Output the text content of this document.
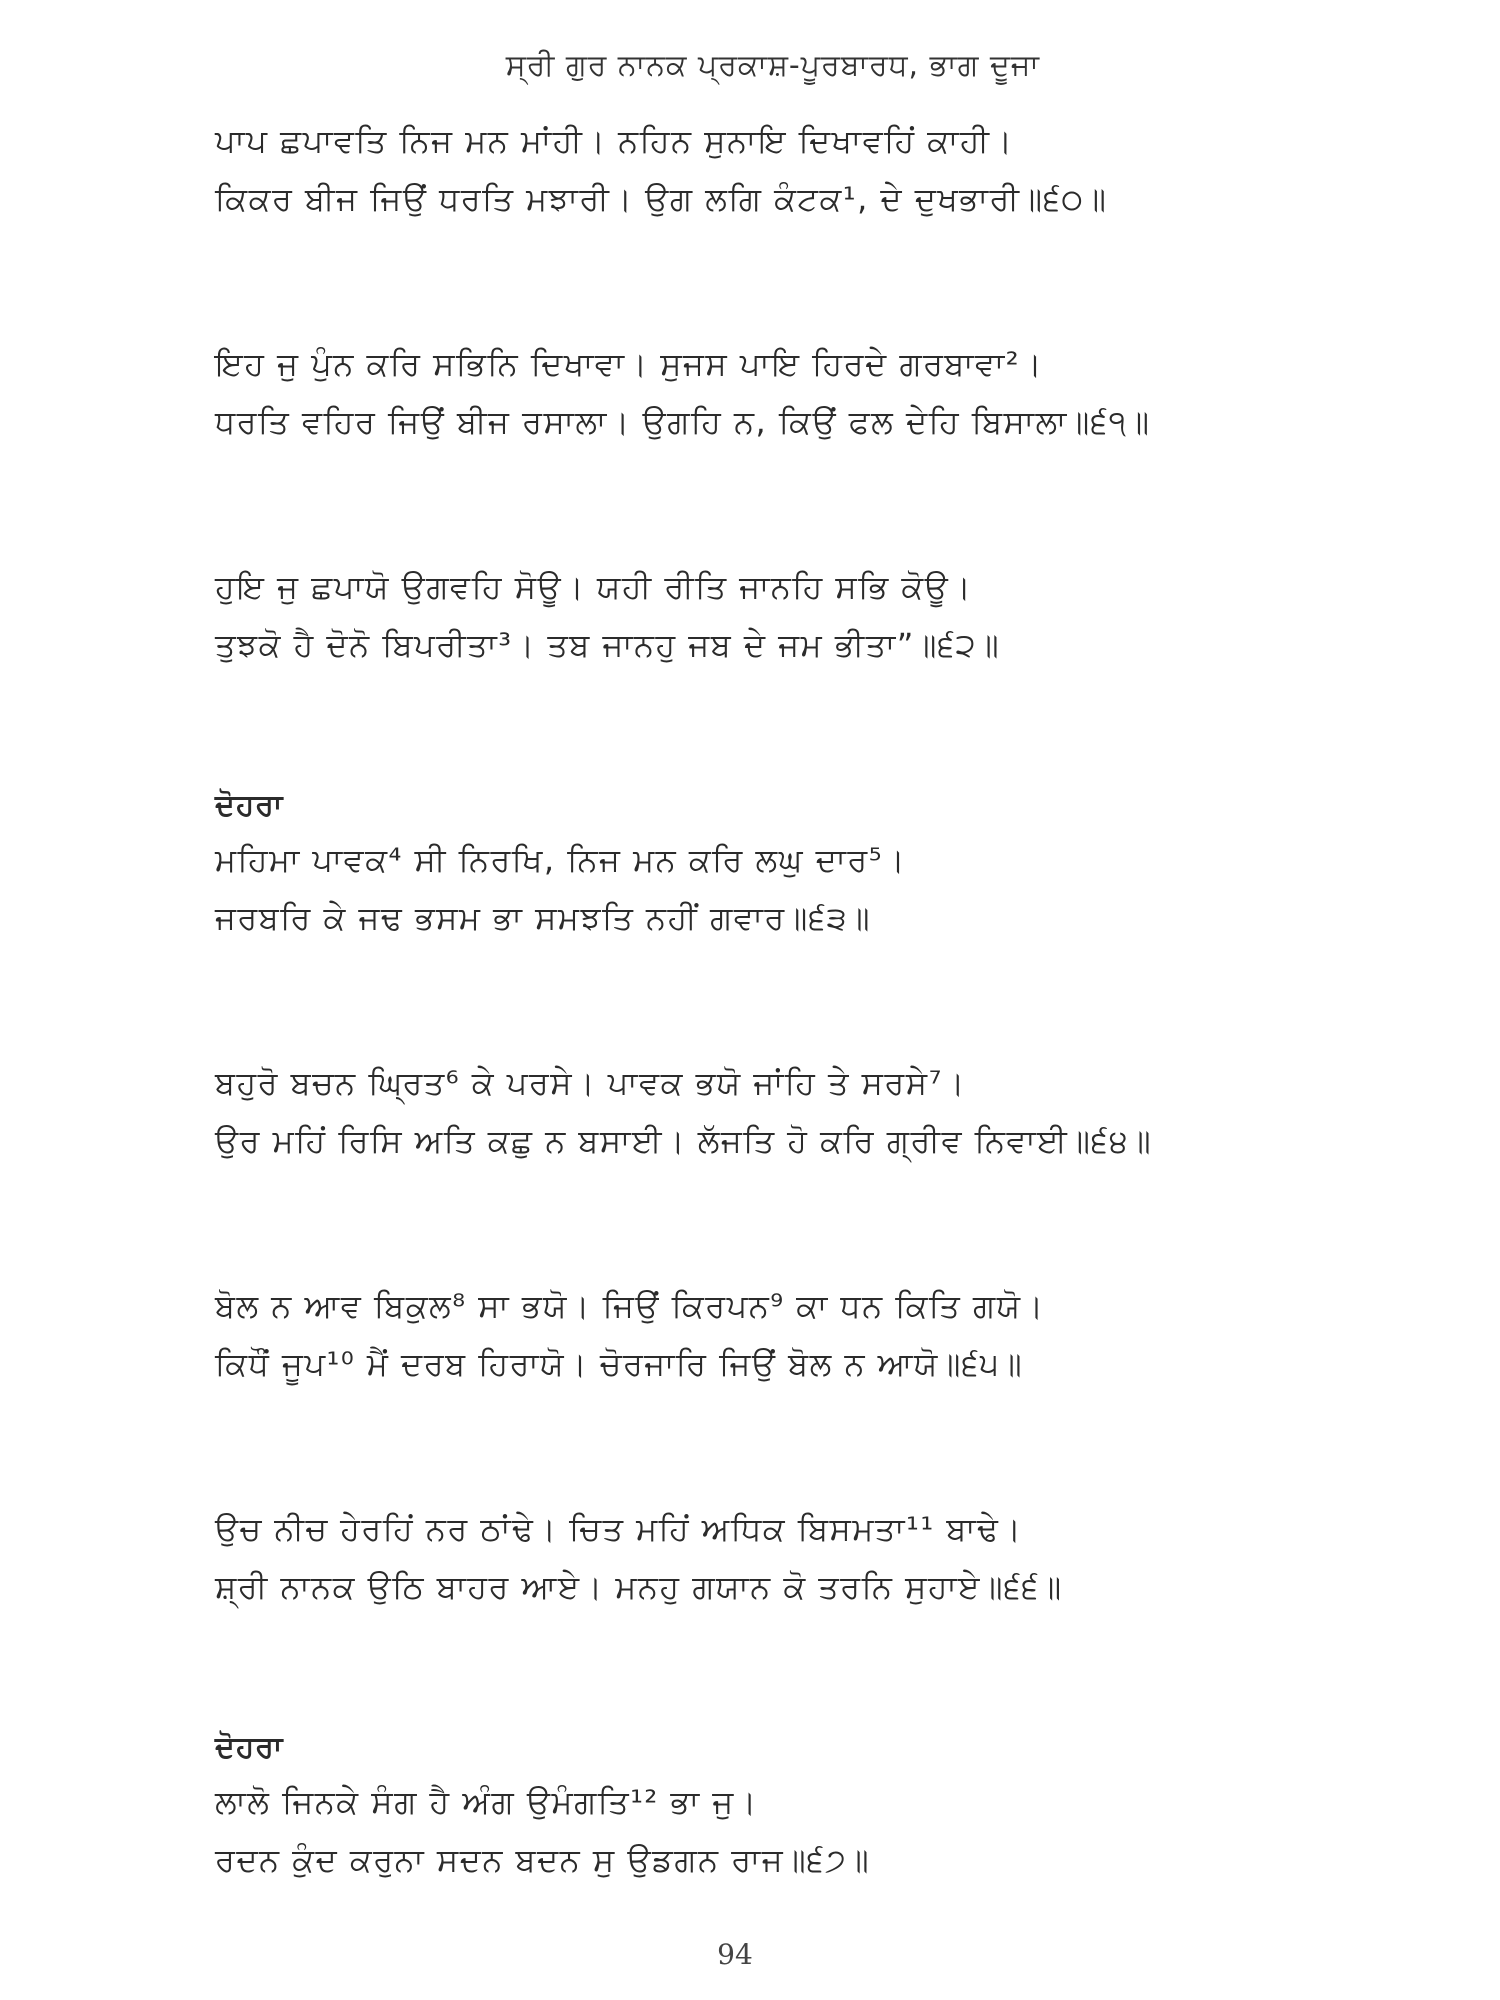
ਸ੍ਰੀ ਗੁਰ ਨਾਨਕ ਪ੍ਰਕਾਸ਼-ਪੂਰਬਾਰਧ, ਭਾਗ ਦੂਜਾ
ਪਾਪ ਛਪਾਵਤਿ ਨਿਜ ਮਨ ਮਾਂਹੀ। ਨਹਿਨ ਸੁਨਾਇ ਦਿਖਾਵਹਿਂ ਕਾਹੀ।
ਕਿਕਰ ਬੀਜ ਜਿਉਂ ਧਰਤਿ ਮਝਾਰੀ। ਉਗ ਲਗਿ ਕੰਟਕ¹, ਦੇ ਦੁਖਭਾਰੀ॥੬੦॥
ਇਹ ਜੁ ਪੁੰਨ ਕਰਿ ਸਭਿਨਿ ਦਿਖਾਵਾ। ਸੁਜਸ ਪਾਇ ਹਿਰਦੇ ਗਰਬਾਵਾ²।
ਧਰਤਿ ਵਹਿਰ ਜਿਉਂ ਬੀਜ ਰਸਾਲਾ। ਉਗਹਿ ਨ, ਕਿਉਂ ਫਲ ਦੇਹਿ ਬਿਸਾਲਾ॥੬੧॥
ਹੁਇ ਜੁ ਛਪਾਯੋ ਉਗਵਹਿ ਸੋਊ। ਯਹੀ ਰੀਤਿ ਜਾਨਹਿ ਸਭਿ ਕੋਊ।
ਤੁਝਕੋ ਹੈ ਦੋਨੋ ਬਿਪਰੀਤਾ³। ਤਬ ਜਾਨਹੁ ਜਬ ਦੇ ਜਮ ਭੀਤਾ”॥੬੨॥
ਦੋਹਰਾ
ਮਹਿਮਾ ਪਾਵਕ⁴ ਸੀ ਨਿਰਖਿ, ਨਿਜ ਮਨ ਕਰਿ ਲਘੁ ਦਾਰ⁵।
ਜਰਬਰਿ ਕੇ ਜਢ ਭਸਮ ਭਾ ਸਮਝਤਿ ਨਹੀਂ ਗਵਾਰ॥੬੩॥
ਬਹੁਰੋ ਬਚਨ ਘ੍ਰਿਤ⁶ ਕੇ ਪਰਸੇ। ਪਾਵਕ ਭਯੋ ਜਾਂਹਿ ਤੇ ਸਰਸੇ⁷।
ਉਰ ਮਹਿਂ ਰਿਸਿ ਅਤਿ ਕਛੁ ਨ ਬਸਾਈ। ਲੱਜਤਿ ਹੋ ਕਰਿ ਗ੍ਰੀਵ ਨਿਵਾਈ॥੬੪॥
ਬੋਲ ਨ ਆਵ ਬਿਕੁਲ⁸ ਸਾ ਭਯੋ। ਜਿਉਂ ਕਿਰਪਨ⁹ ਕਾ ਧਨ ਕਿਤਿ ਗਯੋ।
ਕਿਧੌਂ ਜੂਪ¹⁰ ਮੈਂ ਦਰਬ ਹਿਰਾਯੋ। ਚੋਰਜਾਰਿ ਜਿਉਂ ਬੋਲ ਨ ਆਯੋ॥੬੫॥
ਉਚ ਨੀਚ ਹੇਰਹਿਂ ਨਰ ਠਾਂਢੇ। ਚਿਤ ਮਹਿਂ ਅਧਿਕ ਬਿਸਮਤਾ¹¹ ਬਾਢੇ।
ਸ਼੍ਰੀ ਨਾਨਕ ਉਠਿ ਬਾਹਰ ਆਏ। ਮਨਹੁ ਗਯਾਨ ਕੋ ਤਰਨਿ ਸੁਹਾਏ॥੬੬॥
ਦੋਹਰਾ
ਲਾਲੋ ਜਿਨਕੇ ਸੰਗ ਹੈ ਅੰਗ ਉਮੰਗਤਿ¹² ਭਾ ਜੁ।
ਰਦਨ ਕੁੰਦ ਕਰੁਨਾ ਸਦਨ ਬਦਨ ਸੁ ਉਡਗਨ ਰਾਜ॥੬੭॥
94
